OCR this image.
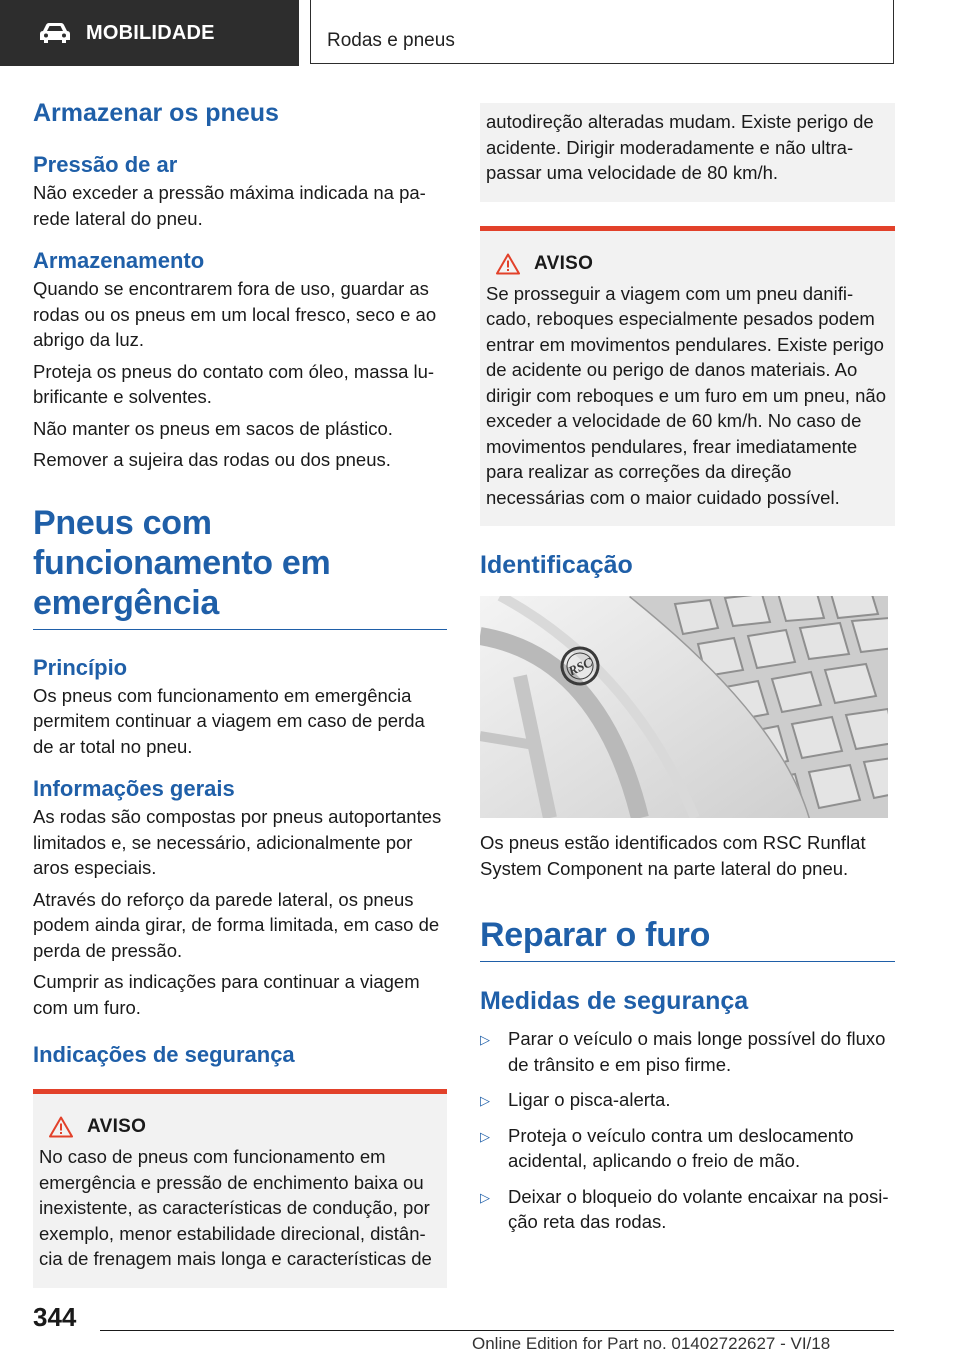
MOBILIDADE	Rodas e pneus
Armazenar os pneus
Pressão de ar

Não exceder a pressão máxima indicada na parede lateral do pneu.

Armazenamento

Quando se encontrarem fora de uso, guardar as rodas ou os pneus em um local fresco, seco e ao abrigo da luz.

Proteja os pneus do contato com óleo, massa lubrificante e solventes.

Não manter os pneus em sacos de plástico.

Remover a sujeira das rodas ou dos pneus.

Pneus com funcionamento em emergência
Princípio

Os pneus com funcionamento em emergência permitem continuar a viagem em caso de perda de ar total no pneu.

Informações gerais

As rodas são compostas por pneus autoportantes limitados e, se necessário, adicionalmente por aros especiais.

Através do reforço da parede lateral, os pneus podem ainda girar, de forma limitada, em caso de perda de pressão.

Cumprir as indicações para continuar a viagem com um furo.

Indicações de segurança
AVISO

No caso de pneus com funcionamento em emergência e pressão de enchimento baixa ou inexistente, as características de condução, por exemplo, menor estabilidade direcional, distância de frenagem mais longa e características de

autodireção alteradas mudam. Existe perigo de acidente. Dirigir moderadamente e não ultrapassar uma velocidade de 80 km/h.

AVISO

Se prosseguir a viagem com um pneu danificado, reboques especialmente pesados podem entrar em movimentos pendulares. Existe perigo de acidente ou perigo de danos materiais. Ao dirigir com reboques e um furo em um pneu, não exceder a velocidade de 60 km/h. No caso de movimentos pendulares, frear imediatamente para realizar as correções da direção necessárias com o maior cuidado possível.

Identificação
RSC

Os pneus estão identificados com RSC Runflat System Component na parte lateral do pneu.

Reparar o furo
Medidas de segurança
▷ Parar o veículo o mais longe possível do fluxo de trânsito e em piso firme.
▷ Ligar o pisca-alerta.
▷ Proteja o veículo contra um deslocamento acidental, aplicando o freio de mão.
▷ Deixar o bloqueio do volante encaixar na posição reta das rodas.
344
Online Edition for Part no. 01402722627 - VI/18
